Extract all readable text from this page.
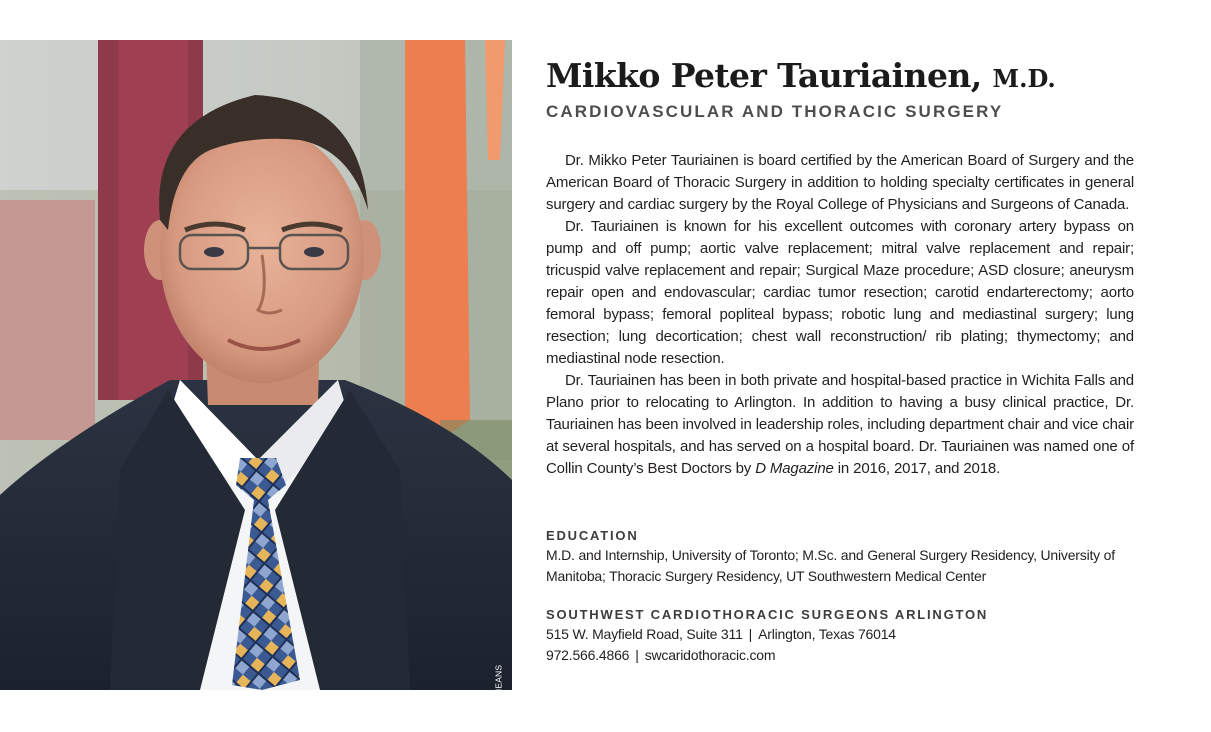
LISA MEANS
Mikko Peter Tauriainen, M.D.
CARDIOVASCULAR AND THORACIC SURGERY

Dr. Mikko Peter Tauriainen is board certified by the American Board of Surgery and the American Board of Thoracic Surgery in addition to holding specialty certificates in general surgery and cardiac surgery by the Royal College of Physicians and Surgeons of Canada.

Dr. Tauriainen is known for his excellent outcomes with coronary artery bypass on pump and off pump; aortic valve replacement; mitral valve replacement and repair; tricuspid valve replacement and repair; Surgical Maze procedure; ASD closure; aneurysm repair open and endovascular; cardiac tumor resection; carotid endarterectomy; aorto femoral bypass; femoral popliteal bypass; robotic lung and mediastinal surgery; lung resection; lung decortication; chest wall reconstruction/ rib plating; thymectomy; and mediastinal node resection.

Dr. Tauriainen has been in both private and hospital-based practice in Wichita Falls and Plano prior to relocating to Arlington. In addition to having a busy clinical practice, Dr. Tauriainen has been involved in leadership roles, including department chair and vice chair at several hospitals, and has served on a hospital board. Dr. Tauriainen was named one of Collin County’s Best Doctors by D Magazine in 2016, 2017, and 2018.

EDUCATION
M.D. and Internship, University of Toronto; M.Sc. and General Surgery Residency, University of Manitoba; Thoracic Surgery Residency, UT Southwestern Medical Center
SOUTHWEST CARDIOTHORACIC SURGEONS ARLINGTON
515 W. Mayfield Road, Suite 311 | Arlington, Texas 76014
972.566.4866 | swcaridothoracic.com
